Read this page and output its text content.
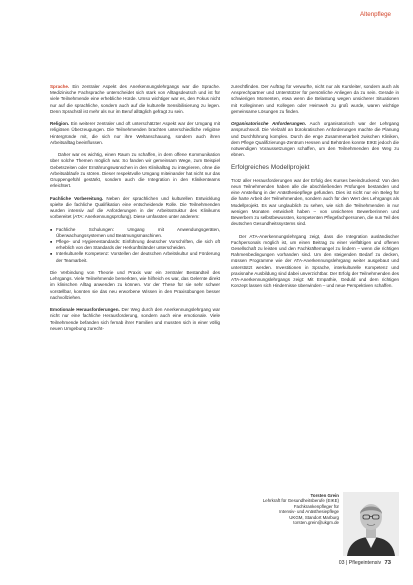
Altenpflege

Sprache. Ein zentraler Aspekt des Anerkennungslehrgangs war die Sprache. Medizinische Fachsprache unterscheidet sich stark von Alltagsdeutsch und ist für viele Teilnehmende eine erhebliche Hürde. Umso wichtiger war es, den Fokus nicht nur auf die sprachliche, sondern auch auf die kulturelle Sensibilisierung zu legen. Denn Sprachstil ist mehr als nur im Beruf alltäglich gefragt zu sein.

Religion. Ein weiterer zentraler und oft unterschätzter Aspekt war der Umgang mit religiösen Überzeugungen. Die Teilnehmenden brachten unterschiedliche religiöse Hintergründe mit, die sich nur ihre Weltanschauung, sondern auch ihren Arbeitsalltag beeinflussen.

Daher war es wichtig, einen Raum zu schaffen, in dem offene Kommunikation über solche Themen möglich war. So fanden wir gemeinsam Wege, zum Beispiel Gebetszeiten oder Ernährungswünschen in den Klinikalltag zu integrieren, ohne die Arbeitsabläufe zu stören. Dieser respektvolle Umgang miteinander hat nicht nur das Gruppengefühl gestärkt, sondern auch die Integration in den Klinikenteams erleichtert.

Fachliche Vorbereitung. Neben der sprachlichen und kulturellen Entwicklung spielte die fachliche Qualifikation eine entscheidende Rolle. Die Teilnehmenden wurden intensiv auf die Anforderungen in der Arbeitsstruktur des Klinikums vorbereitet (ATA: Anerkennungsprüfung). Diese umfassten unter anderem:

■ Fachliche Schulungen: Umgang mit Anwendungsgeräten, Überwachungssystemen und Beatmungsmaschinen.
■ Pflege- und Hygienestandards: Einführung deutscher Vorschriften, die sich oft erheblich von den Standards der Herkunftsländer unterscheiden.
■ Interkulturelle Kompetenz: Vorstellen der deutschen Arbeitskultur und Förderung der Teamarbeit.

Die Verbindung von Theorie und Praxis war ein zentraler Bestandteil des Lehrgangs. Viele Teilnehmende bemerkten, wie hilfreich es war, das Gelernte direkt im klinischen Alltag anwenden zu können. Vor der These für sie sehr schwer vorstellbar, konnten sie das neu erworbene Wissen in den Praxisübungen besser nachvollziehen.

Emotionale Herausforderungen. Der Weg durch den Anerkennungslehrgang war nicht nur eine fachliche Herausforderung, sondern auch eine emotionale. Viele Teilnehmende befanden sich fernab ihrer Familien und mussten sich in einer völlig neuen Umgebung zurecht-

zurechtfinden. Der Auftrag für verwurfte, nicht nur als Kursleiter, sondern auch als Ansprechpartner und Unterstützer für persönliche Anliegen da zu sein. Gerade in schwierigen Momenten, etwa wenn die Belastung wegen unsicherer Situationen mit Kolleginnen und Kollegen oder Heimweh zu groß wurde, waren wichtige gemeinsame Lösungen zu finden.

Organisatorische Anforderungen. Auch organisatorisch war der Lehrgang anspruchsvoll. Die Vielzahl an bürokratischen Anforderungen machte die Planung und Durchführung komplex. Durch die enge Zusammenarbeit zwischen Kliniken, dem Pflege Qualifizierungs-Zentrum Hessen und Behörden konnte EIKE jedoch die notwendigen Voraussetzungen schaffen, um den Teilnehmenden den Weg zu ebnen.

Erfolgreiches Modellprojekt

Trotz aller Herausforderungen war der Erfolg des Kurses beeindruckend: Von den neun Teilnehmenden haben alle die abschließenden Prüfungen bestanden und eine Anstellung in der Anästhesiepflege gefunden. Dies ist nicht nur ein Beleg für die harte Arbeit der Teilnehmenden, sondern auch für den Wert des Lehrgangs als Modellprojekt. Es war unglaublich zu sehen, wie sich die Teilnehmenden in nur wenigen Monaten entwickelt haben – von unsicheren Bewerberinnen und Bewerbern zu selbstbewussten, kompetenten Pflegefachpersonen, die nun Teil des deutschen Gesundheitssystems sind.

Der ATA-Anerkennungslehrgang zeigt, dass die Integration ausländischer Fachpersonals möglich ist, um einen Beitrag zu einer vielfältigen und offenen Gesellschaft zu leisten und den Fachkräftemangel zu lindern – wenn die richtigen Rahmenbedingungen vorhanden sind. Um den steigenden Bedarf zu decken, müssen Programme wie der ATA-Anerkennungslehrgang weiter ausgebaut und unterstützt werden. Investitionen in Sprache, interkulturelle Kompetenz und praxisnahe Ausbildung sind dabei unverzichtbar. Der Erfolg der Teilnehmenden des ATA-Anerkennungslehrgangs zeigt: Mit Empathie, Geduld und dem richtigen Konzept lassen sich Hindernisse überwinden – und neue Perspektiven schaffen.

Torsten Grein
Lehrkraft für Gesundheitsberufe (EIKE)
Fachkrankenpfleger für
Intensiv- und Anästhesiepflege
UKGM, Standort Marburg
torsten.grein@ukgm.de
03 | Pflegeintensiv 73
